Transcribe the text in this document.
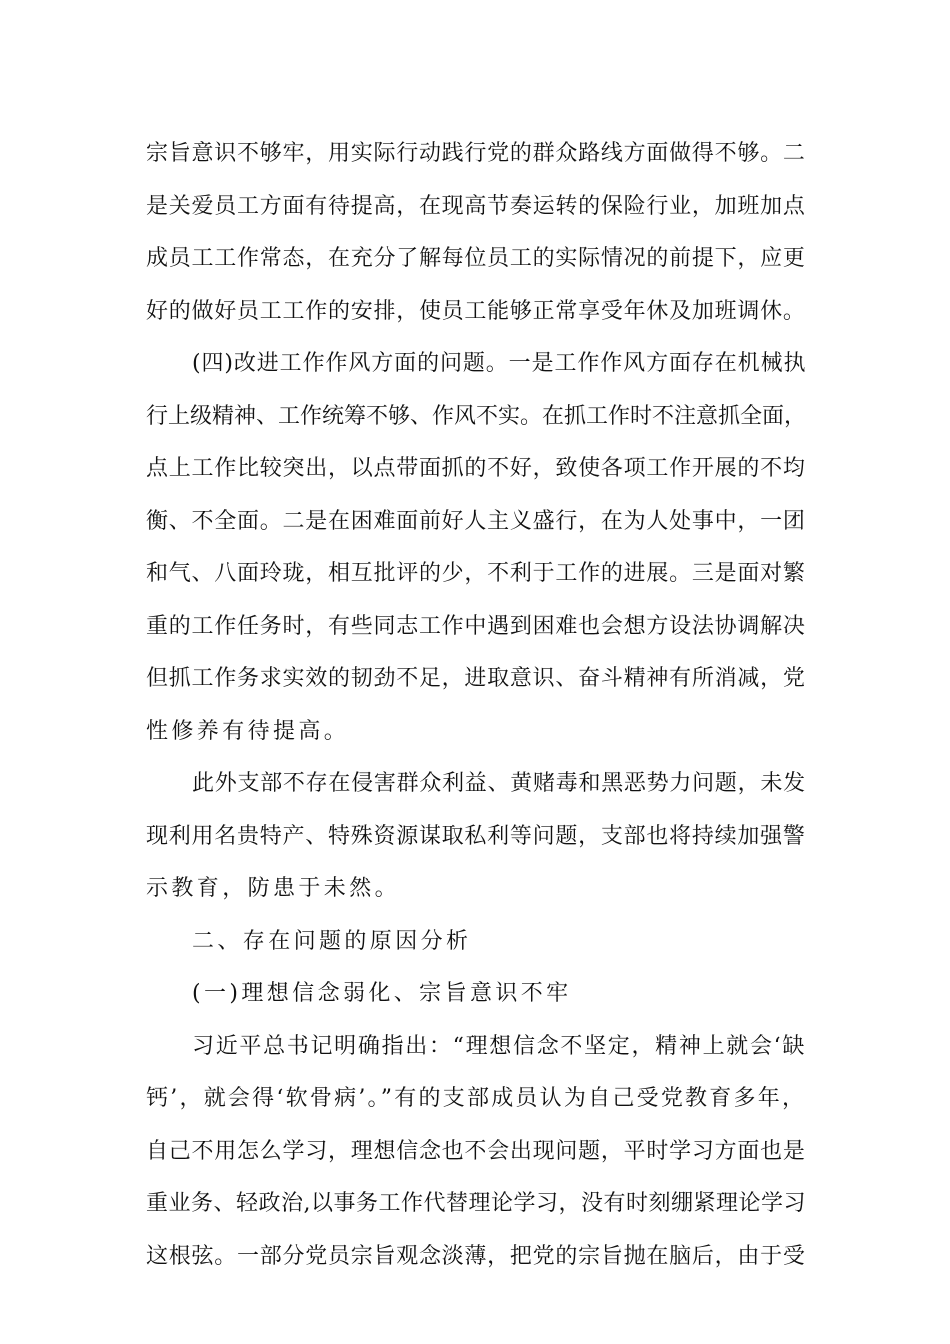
宗旨意识不够牢，用实际行动践行党的群众路线方面做得不够。二
是关爱员工方面有待提高，在现高节奏运转的保险行业，加班加点
成员工工作常态，在充分了解每位员工的实际情况的前提下，应更
好的做好员工工作的安排，使员工能够正常享受年休及加班调休。
(四)改进工作作风方面的问题。一是工作作风方面存在机械执
行上级精神、工作统筹不够、作风不实。在抓工作时不注意抓全面，
点上工作比较突出，以点带面抓的不好，致使各项工作开展的不均
衡、不全面。二是在困难面前好人主义盛行，在为人处事中，一团
和气、八面玲珑，相互批评的少，不利于工作的进展。三是面对繁
重的工作任务时，有些同志工作中遇到困难也会想方设法协调解决
但抓工作务求实效的韧劲不足，进取意识、奋斗精神有所消减，党
性修养有待提高。
此外支部不存在侵害群众利益、黄赌毒和黑恶势力问题，未发
现利用名贵特产、特殊资源谋取私利等问题，支部也将持续加强警
示教育，防患于未然。
二、存在问题的原因分析
(一)理想信念弱化、宗旨意识不牢
习近平总书记明确指出：“理想信念不坚定，精神上就会‘缺
钙’，就会得‘软骨病’。”有的支部成员认为自己受党教育多年，
自己不用怎么学习，理想信念也不会出现问题，平时学习方面也是
重业务、轻政治,以事务工作代替理论学习，没有时刻绷紧理论学习
这根弦。一部分党员宗旨观念淡薄，把党的宗旨抛在脑后，由于受
